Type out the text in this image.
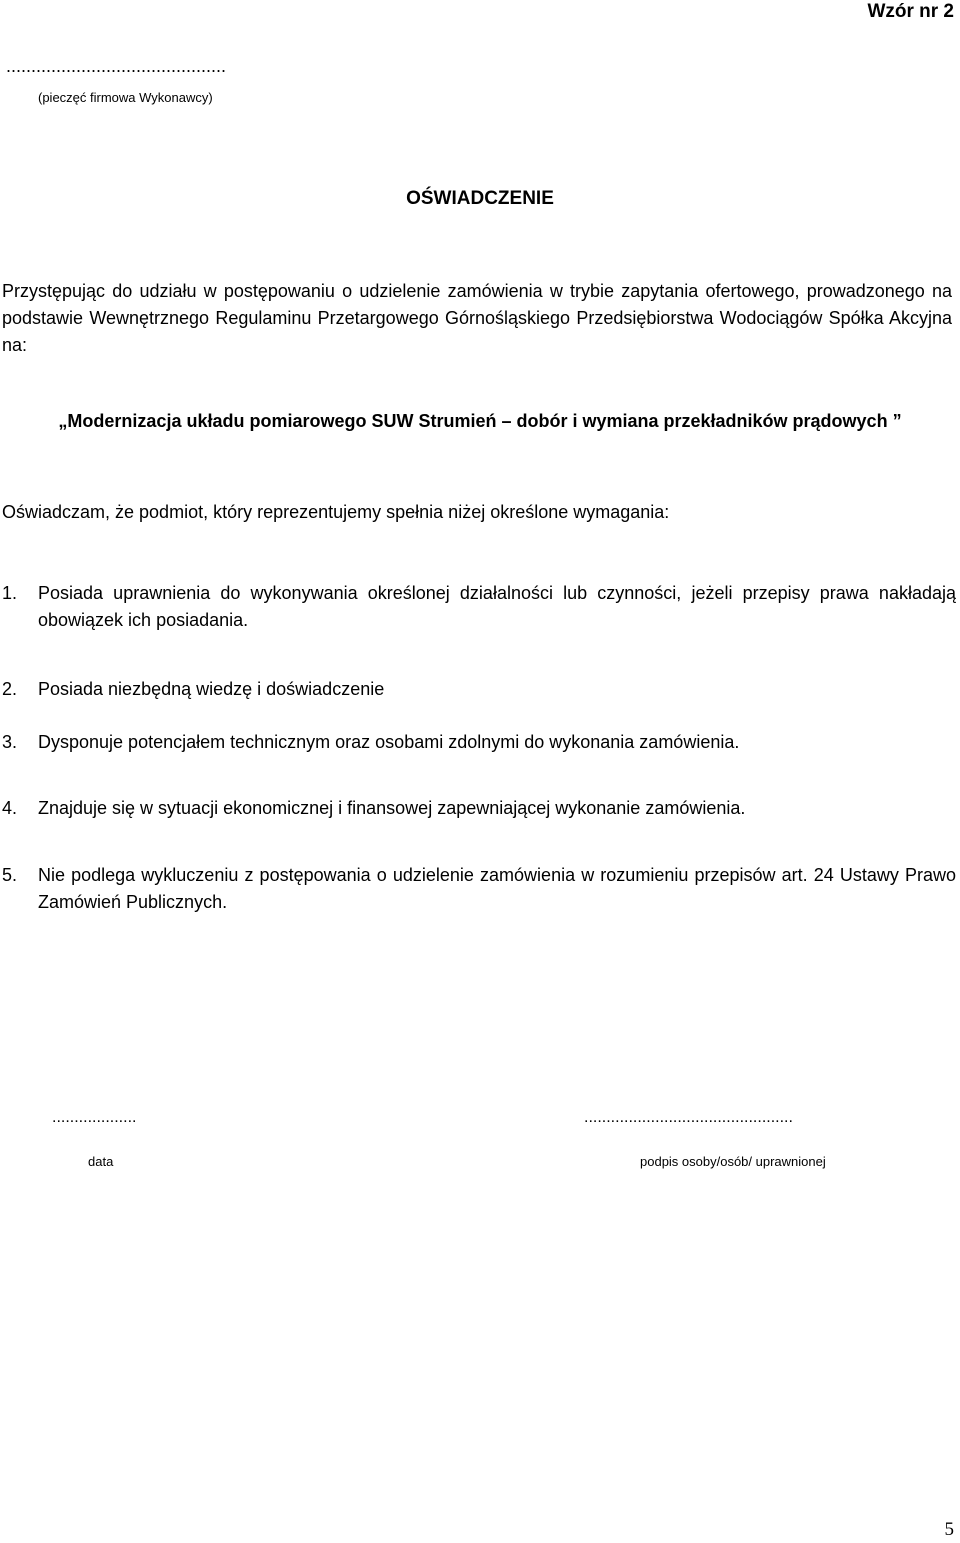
Wzór nr 2
............................................
(pieczęć firmowa Wykonawcy)
OŚWIADCZENIE
Przystępując do udziału w postępowaniu o udzielenie zamówienia w trybie zapytania ofertowego, prowadzonego na podstawie Wewnętrznego Regulaminu Przetargowego Górnośląskiego Przedsiębiorstwa Wodociągów Spółka Akcyjna na:
„Modernizacja układu pomiarowego SUW Strumień – dobór i wymiana przekładników prądowych ”
Oświadczam, że podmiot, który reprezentujemy spełnia niżej określone wymagania:
1.	Posiada uprawnienia do wykonywania określonej działalności lub czynności, jeżeli przepisy prawa nakładają obowiązek ich posiadania.
2.	Posiada niezbędną wiedzę i doświadczenie
3.	Dysponuje potencjałem technicznym oraz osobami zdolnymi do wykonania zamówienia.
4.	Znajduje się w sytuacji ekonomicznej i finansowej zapewniającej wykonanie zamówienia.
5.	Nie podlega wykluczeniu z postępowania o udzielenie zamówienia w rozumieniu przepisów art. 24 Ustawy Prawo Zamówień Publicznych.
...................	...............................................
data	podpis osoby/osób/ uprawnionej
5
